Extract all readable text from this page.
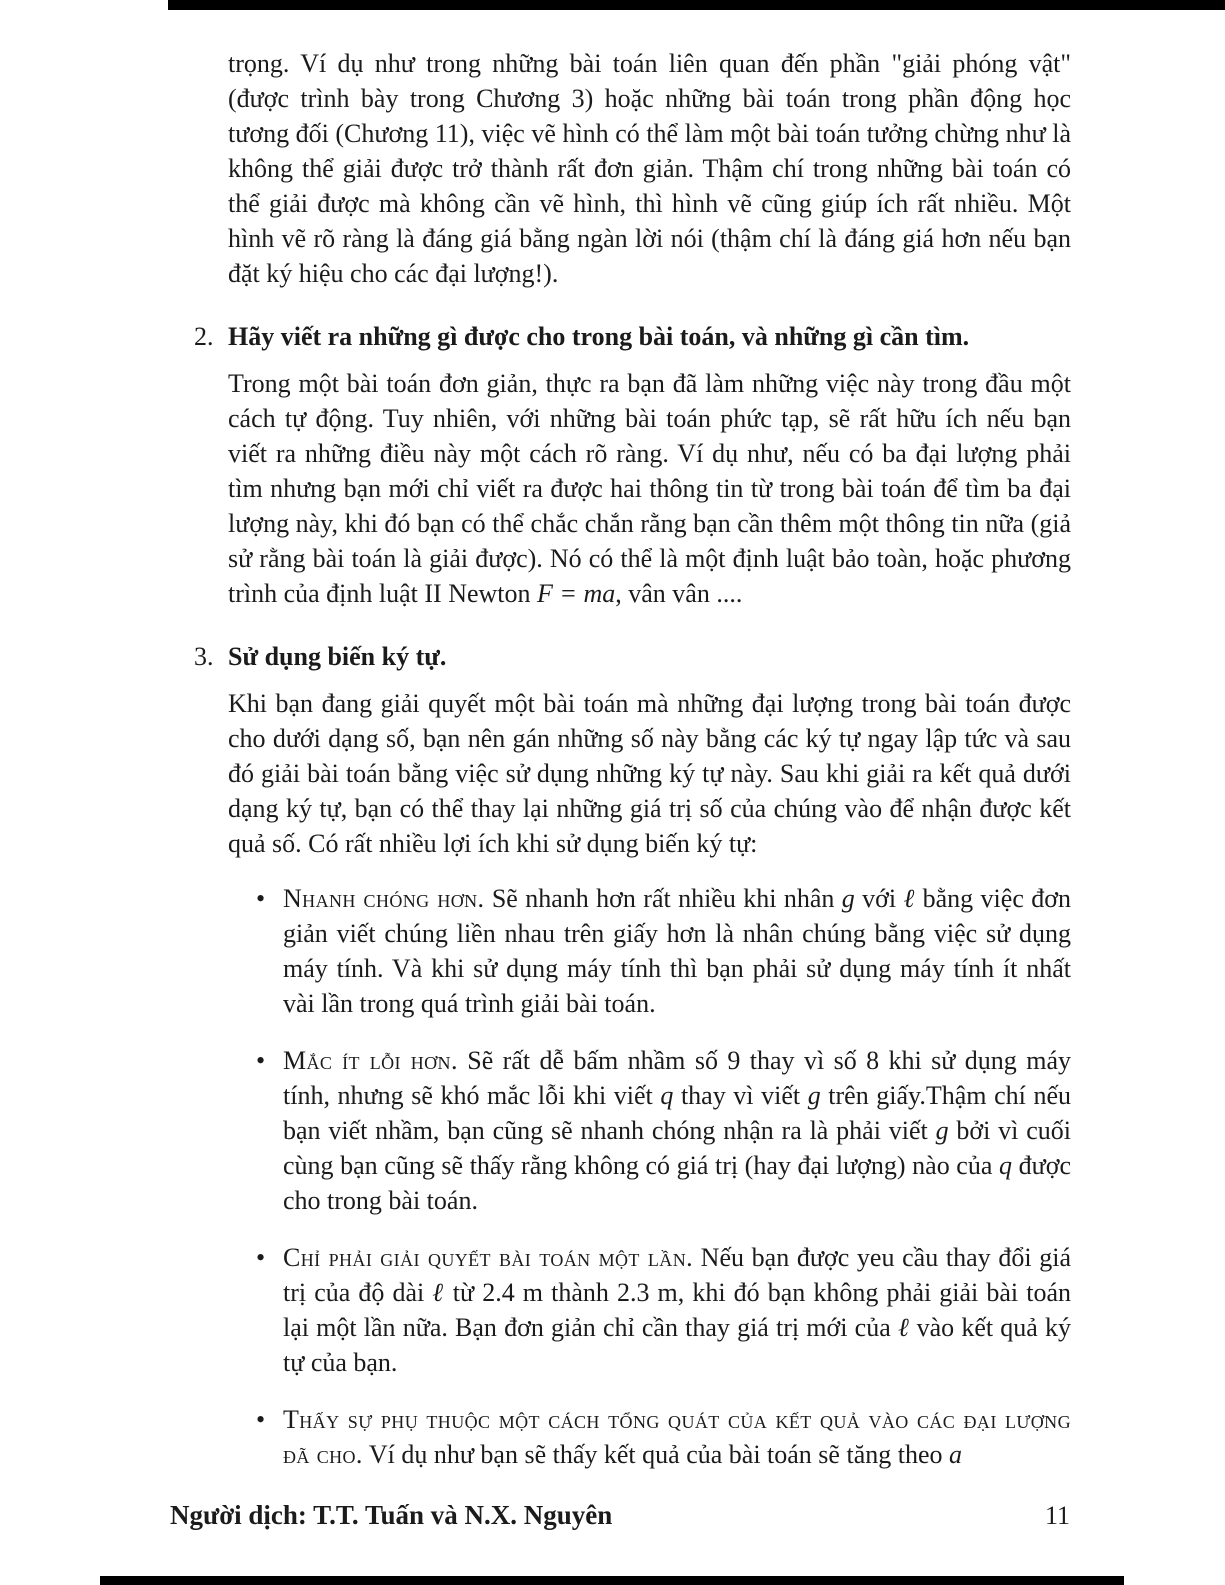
trọng. Ví dụ như trong những bài toán liên quan đến phần "giải phóng vật" (được trình bày trong Chương 3) hoặc những bài toán trong phần động học tương đối (Chương 11), việc vẽ hình có thể làm một bài toán tưởng chừng như là không thể giải được trở thành rất đơn giản. Thậm chí trong những bài toán có thể giải được mà không cần vẽ hình, thì hình vẽ cũng giúp ích rất nhiều. Một hình vẽ rõ ràng là đáng giá bằng ngàn lời nói (thậm chí là đáng giá hơn nếu bạn đặt ký hiệu cho các đại lượng!).

2. Hãy viết ra những gì được cho trong bài toán, và những gì cần tìm.

Trong một bài toán đơn giản, thực ra bạn đã làm những việc này trong đầu một cách tự động. Tuy nhiên, với những bài toán phức tạp, sẽ rất hữu ích nếu bạn viết ra những điều này một cách rõ ràng. Ví dụ như, nếu có ba đại lượng phải tìm nhưng bạn mới chỉ viết ra được hai thông tin từ trong bài toán để tìm ba đại lượng này, khi đó bạn có thể chắc chắn rằng bạn cần thêm một thông tin nữa (giả sử rằng bài toán là giải được). Nó có thể là một định luật bảo toàn, hoặc phương trình của định luật II Newton F = ma, vân vân ....

3. Sử dụng biến ký tự.

Khi bạn đang giải quyết một bài toán mà những đại lượng trong bài toán được cho dưới dạng số, bạn nên gán những số này bằng các ký tự ngay lập tức và sau đó giải bài toán bằng việc sử dụng những ký tự này. Sau khi giải ra kết quả dưới dạng ký tự, bạn có thể thay lại những giá trị số của chúng vào để nhận được kết quả số. Có rất nhiều lợi ích khi sử dụng biến ký tự:

• Nhanh chóng hơn. Sẽ nhanh hơn rất nhiều khi nhân g với ℓ bằng việc đơn giản viết chúng liền nhau trên giấy hơn là nhân chúng bằng việc sử dụng máy tính. Và khi sử dụng máy tính thì bạn phải sử dụng máy tính ít nhất vài lần trong quá trình giải bài toán.
• Mắc ít lỗi hơn. Sẽ rất dễ bấm nhầm số 9 thay vì số 8 khi sử dụng máy tính, nhưng sẽ khó mắc lỗi khi viết q thay vì viết g trên giấy.Thậm chí nếu bạn viết nhầm, bạn cũng sẽ nhanh chóng nhận ra là phải viết g bởi vì cuối cùng bạn cũng sẽ thấy rằng không có giá trị (hay đại lượng) nào của q được cho trong bài toán.
• Chỉ phải giải quyết bài toán một lần. Nếu bạn được yeu cầu thay đổi giá trị của độ dài ℓ từ 2.4 m thành 2.3 m, khi đó bạn không phải giải bài toán lại một lần nữa. Bạn đơn giản chỉ cần thay giá trị mới của ℓ vào kết quả ký tự của bạn.
• Thấy sự phụ thuộc một cách tổng quát của kết quả vào các đại lượng đã cho. Ví dụ như bạn sẽ thấy kết quả của bài toán sẽ tăng theo a
Người dịch: T.T. Tuấn và N.X. Nguyên	11
